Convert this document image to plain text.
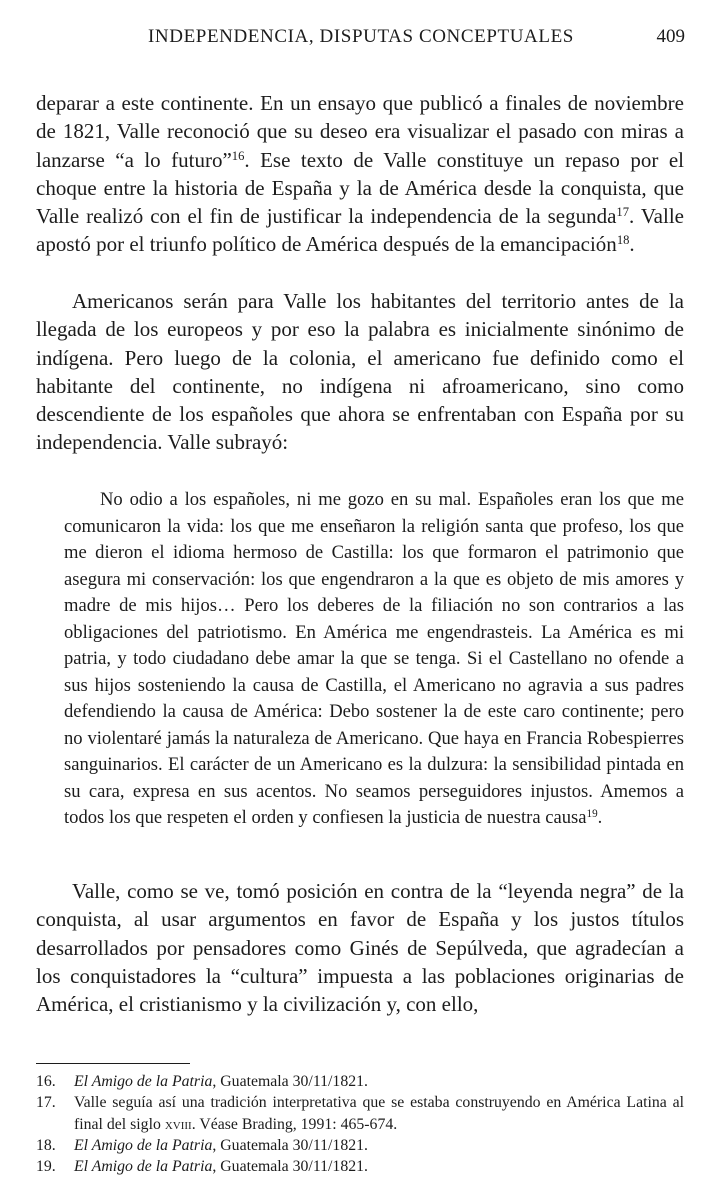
INDEPENDENCIA, DISPUTAS CONCEPTUALES	409

deparar a este continente. En un ensayo que publicó a finales de noviembre de 1821, Valle reconoció que su deseo era visualizar el pasado con miras a lanzarse “a lo futuro”$^{16}$. Ese texto de Valle constituye un repaso por el choque entre la historia de España y la de América desde la conquista, que Valle realizó con el fin de justificar la independencia de la segunda$^{17}$. Valle apostó por el triunfo político de América después de la emancipación$^{18}$.

Americanos serán para Valle los habitantes del territorio antes de la llegada de los europeos y por eso la palabra es inicialmente sinónimo de indígena. Pero luego de la colonia, el americano fue definido como el habitante del continente, no indígena ni afroamericano, sino como descendiente de los españoles que ahora se enfrentaban con España por su independencia. Valle subrayó:

No odio a los españoles, ni me gozo en su mal. Españoles eran los que me comunicaron la vida: los que me enseñaron la religión santa que profeso, los que me dieron el idioma hermoso de Castilla: los que formaron el patrimonio que asegura mi conservación: los que engendraron a la que es objeto de mis amores y madre de mis hijos… Pero los deberes de la filiación no son contrarios a las obligaciones del patriotismo. En América me engendrasteis. La América es mi patria, y todo ciudadano debe amar la que se tenga. Si el Castellano no ofende a sus hijos sosteniendo la causa de Castilla, el Americano no agravia a sus padres defendiendo la causa de América: Debo sostener la de este caro continente; pero no violentaré jamás la naturaleza de Americano. Que haya en Francia Robespierres sanguinarios. El carácter de un Americano es la dulzura: la sensibilidad pintada en su cara, expresa en sus acentos. No seamos perseguidores injustos. Amemos a todos los que respeten el orden y confiesen la justicia de nuestra causa$^{19}$.

Valle, como se ve, tomó posición en contra de la “leyenda negra” de la conquista, al usar argumentos en favor de España y los justos títulos desarrollados por pensadores como Ginés de Sepúlveda, que agradecían a los conquistadores la “cultura” impuesta a las poblaciones originarias de América, el cristianismo y la civilización y, con ello,

16. El Amigo de la Patria, Guatemala 30/11/1821.
17. Valle seguía así una tradición interpretativa que se estaba construyendo en América Latina al final del siglo xviii. Véase Brading, 1991: 465-674.
18. El Amigo de la Patria, Guatemala 30/11/1821.
19. El Amigo de la Patria, Guatemala 30/11/1821.
